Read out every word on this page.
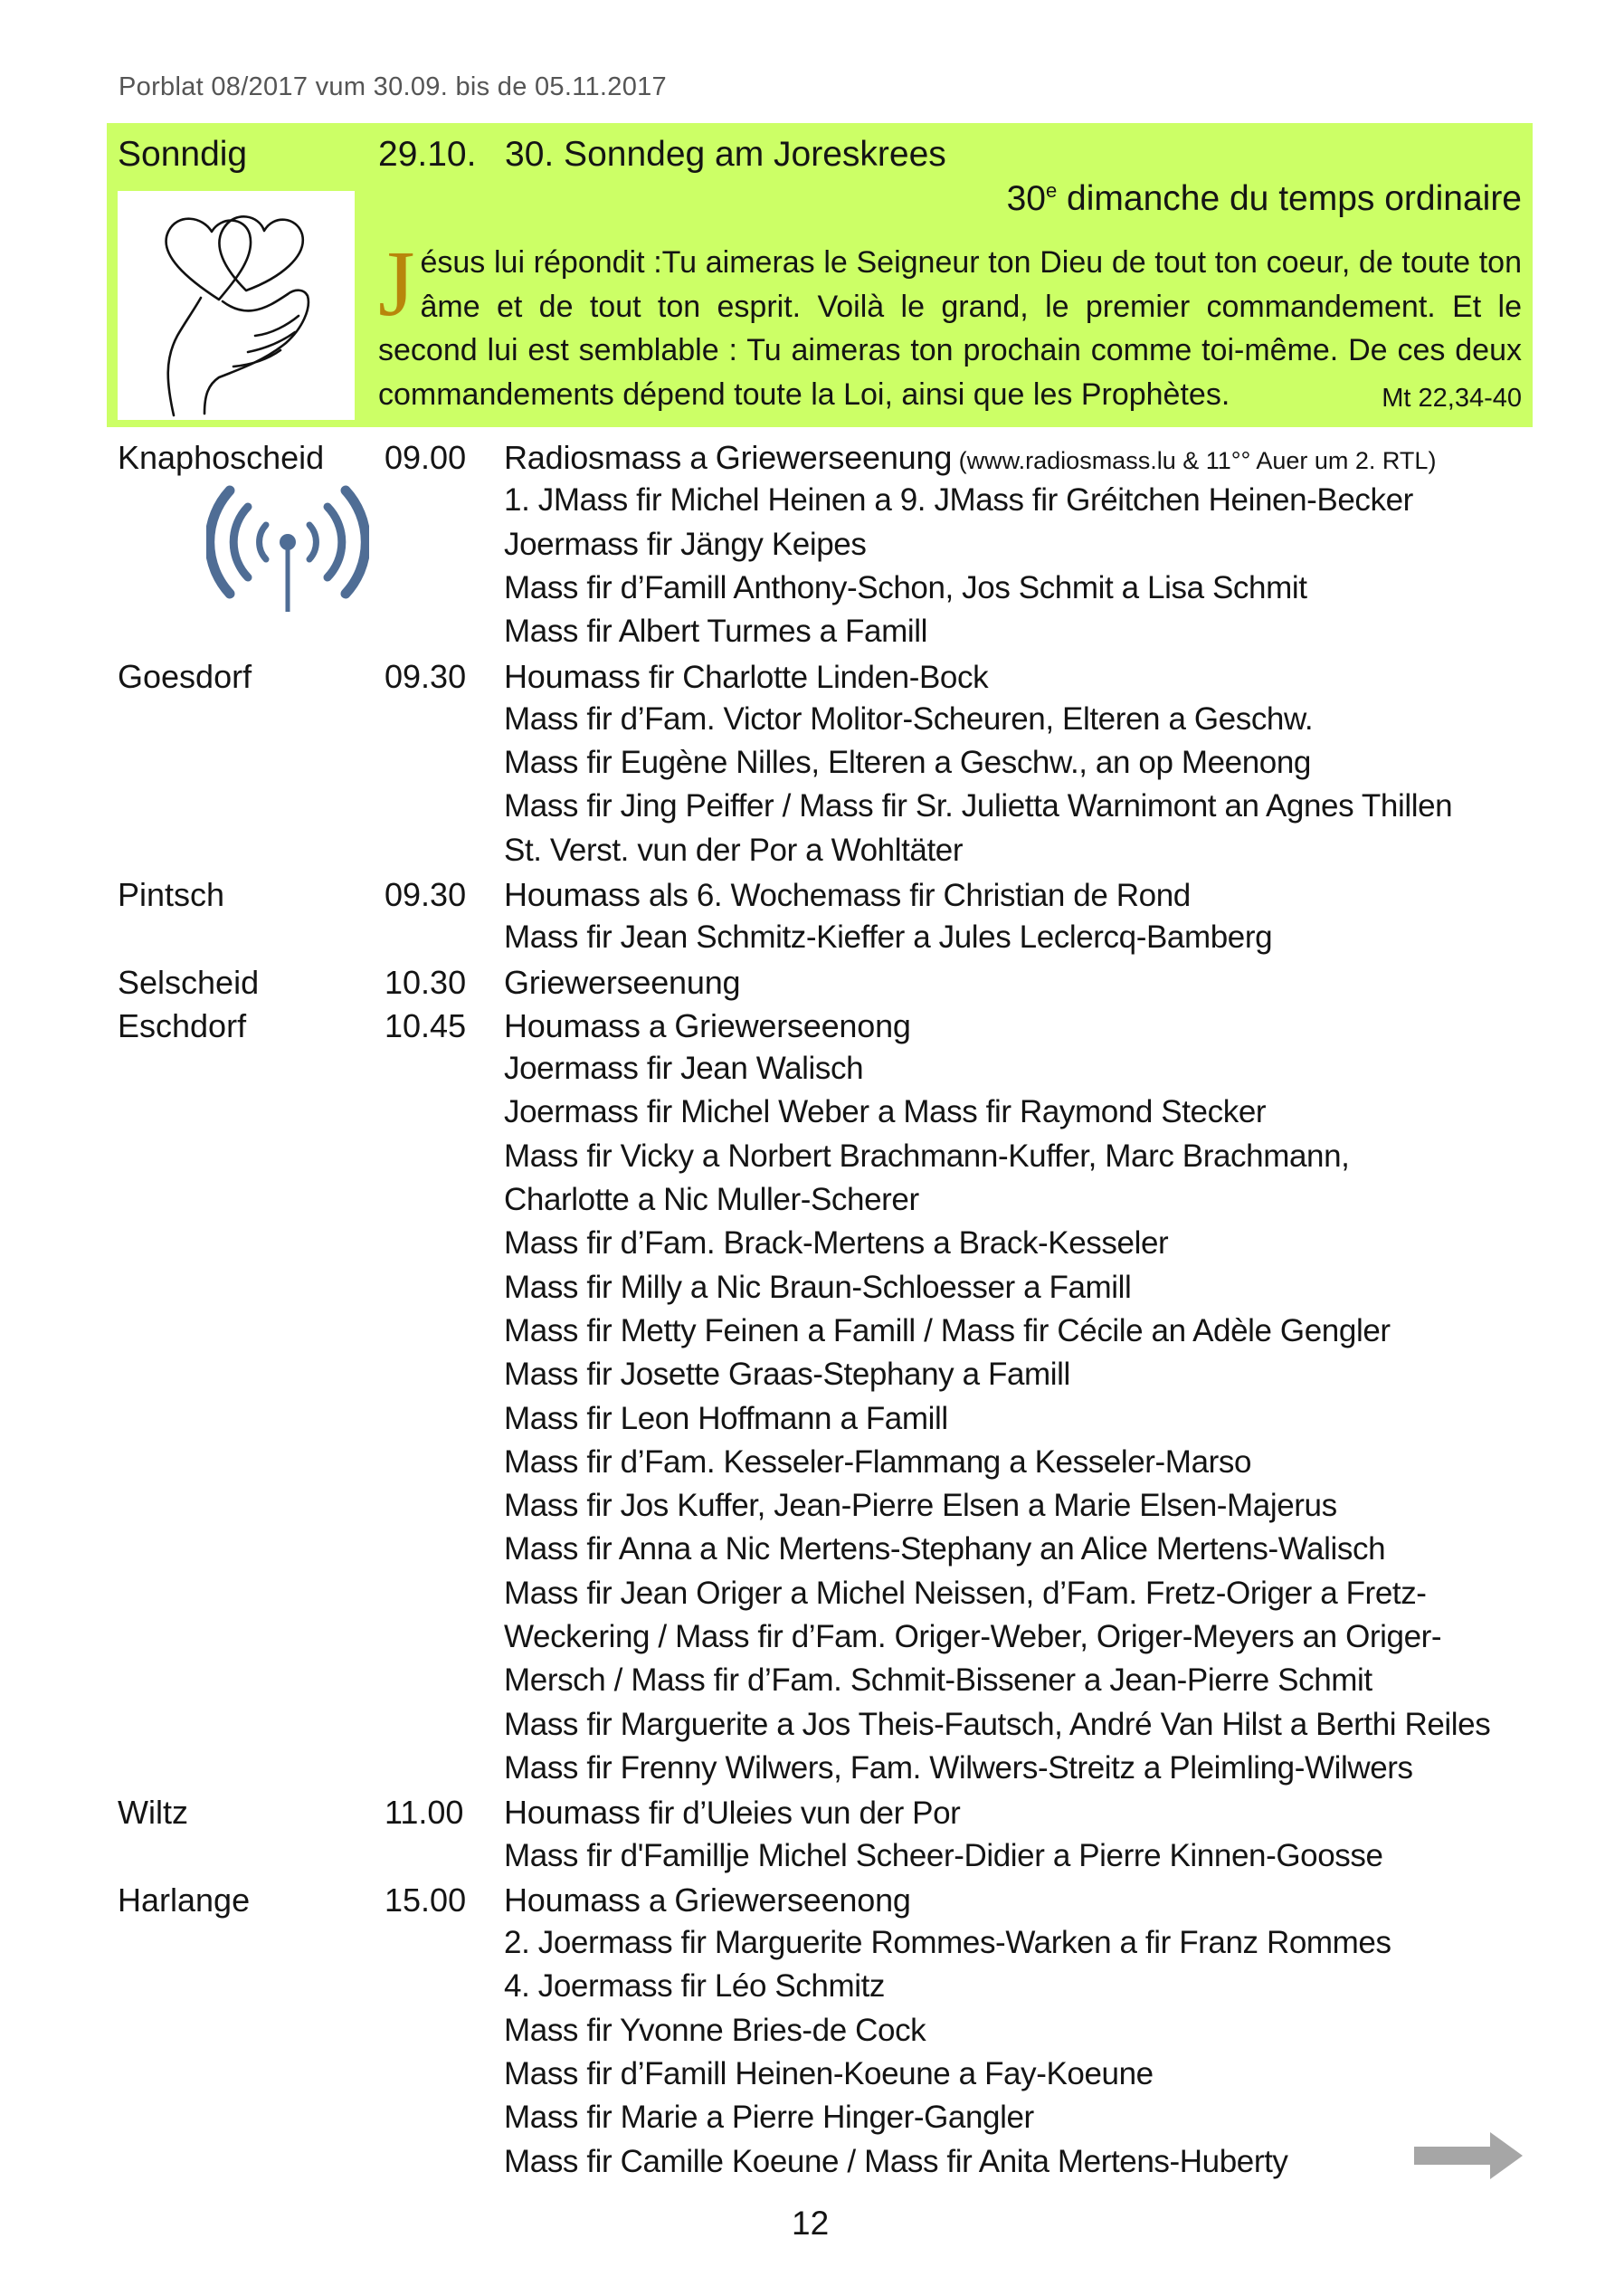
Porblat 08/2017 vum 30.09. bis de 05.11.2017
Sonndig	29.10. 30. Sonndeg am Joreskrees
30e dimanche du temps ordinaire
Jésus lui répondit :Tu aimeras le Seigneur ton Dieu de tout ton coeur, de toute ton âme et de tout ton esprit. Voilà le grand, le premier commandement. Et le second lui est semblable : Tu aimeras ton prochain comme toi-même. De ces deux commandements dépend toute la Loi, ainsi que les Prophètes.	Mt 22,34-40
Knaphoscheid 09.00 Radiosmass a Griewerseenung (www.radiosmass.lu & 11°° Auer um 2. RTL)
1. JMass fir Michel Heinen a 9. JMass fir Gréitchen Heinen-Becker
Joermass fir Jängy Keipes
Mass fir d’Famill Anthony-Schon, Jos Schmit a Lisa Schmit
Mass fir Albert Turmes a Famill
Goesdorf	09.30 Houmass fir Charlotte Linden-Bock
Mass fir d’Fam. Victor Molitor-Scheuren, Elteren a Geschw.
Mass fir Eugène Nilles, Elteren a Geschw., an op Meenong
Mass fir Jing Peiffer / Mass fir Sr. Julietta Warnimont an Agnes Thillen
St. Verst. vun der Por a Wohltäter
Pintsch	09.30 Houmass als 6. Wochemass fir Christian de Rond
Mass fir Jean Schmitz-Kieffer a Jules Leclercq-Bamberg
Selscheid	10.30 Griewerseenung
Eschdorf	10.45 Houmass a Griewerseenong
Joermass fir Jean Walisch
Joermass fir Michel Weber a Mass fir Raymond Stecker
Mass fir Vicky a Norbert Brachmann-Kuffer, Marc Brachmann,
Charlotte a Nic Muller-Scherer
Mass fir d’Fam. Brack-Mertens a Brack-Kesseler
Mass fir Milly a Nic Braun-Schloesser a Famill
Mass fir Metty Feinen a Famill / Mass fir Cécile an Adèle Gengler
Mass fir Josette Graas-Stephany a Famill
Mass fir Leon Hoffmann a Famill
Mass fir d’Fam. Kesseler-Flammang a Kesseler-Marso
Mass fir Jos Kuffer, Jean-Pierre Elsen a Marie Elsen-Majerus
Mass fir Anna a Nic Mertens-Stephany an Alice Mertens-Walisch
Mass fir Jean Origer a Michel Neissen, d’Fam. Fretz-Origer a Fretz-
Weckering / Mass fir d’Fam. Origer-Weber, Origer-Meyers an Origer-
Mersch / Mass fir d’Fam. Schmit-Bissener a Jean-Pierre Schmit
Mass fir Marguerite a Jos Theis-Fautsch, André Van Hilst a Berthi Reiles
Mass fir Frenny Wilwers, Fam. Wilwers-Streitz a Pleimling-Wilwers
Wiltz	11.00 Houmass fir d’Uleies vun der Por
Mass fir d'Famillje Michel Scheer-Didier a Pierre Kinnen-Goosse
Harlange	15.00 Houmass a Griewerseenong
2. Joermass fir Marguerite Rommes-Warken a fir Franz Rommes
4. Joermass fir Léo Schmitz
Mass fir Yvonne Bries-de Cock
Mass fir d’Famill Heinen-Koeune a Fay-Koeune
Mass fir Marie a Pierre Hinger-Gangler
Mass fir Camille Koeune / Mass fir Anita Mertens-Huberty
12
